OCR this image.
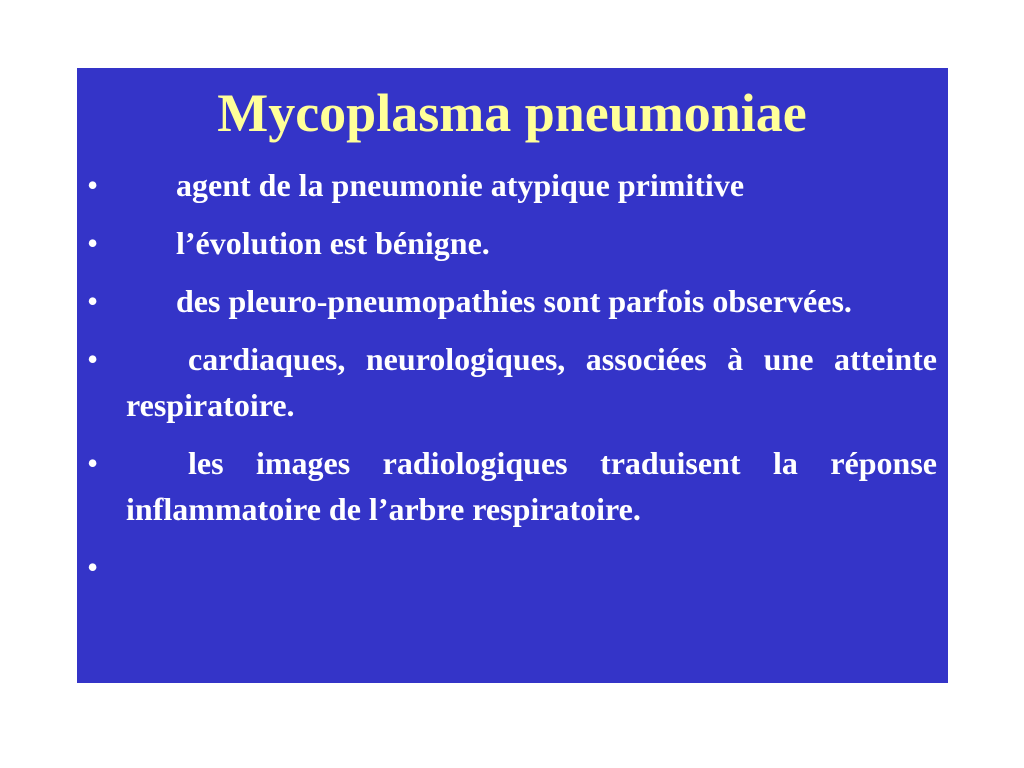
Mycoplasma pneumoniae
•	agent de la pneumonie atypique primitive
•	l’évolution est bénigne.
•	des pleuro-pneumopathies sont parfois observées.
•	cardiaques, neurologiques, associées à une atteinte respiratoire.
•	les images radiologiques traduisent la réponse inflammatoire de l’arbre respiratoire.
•
